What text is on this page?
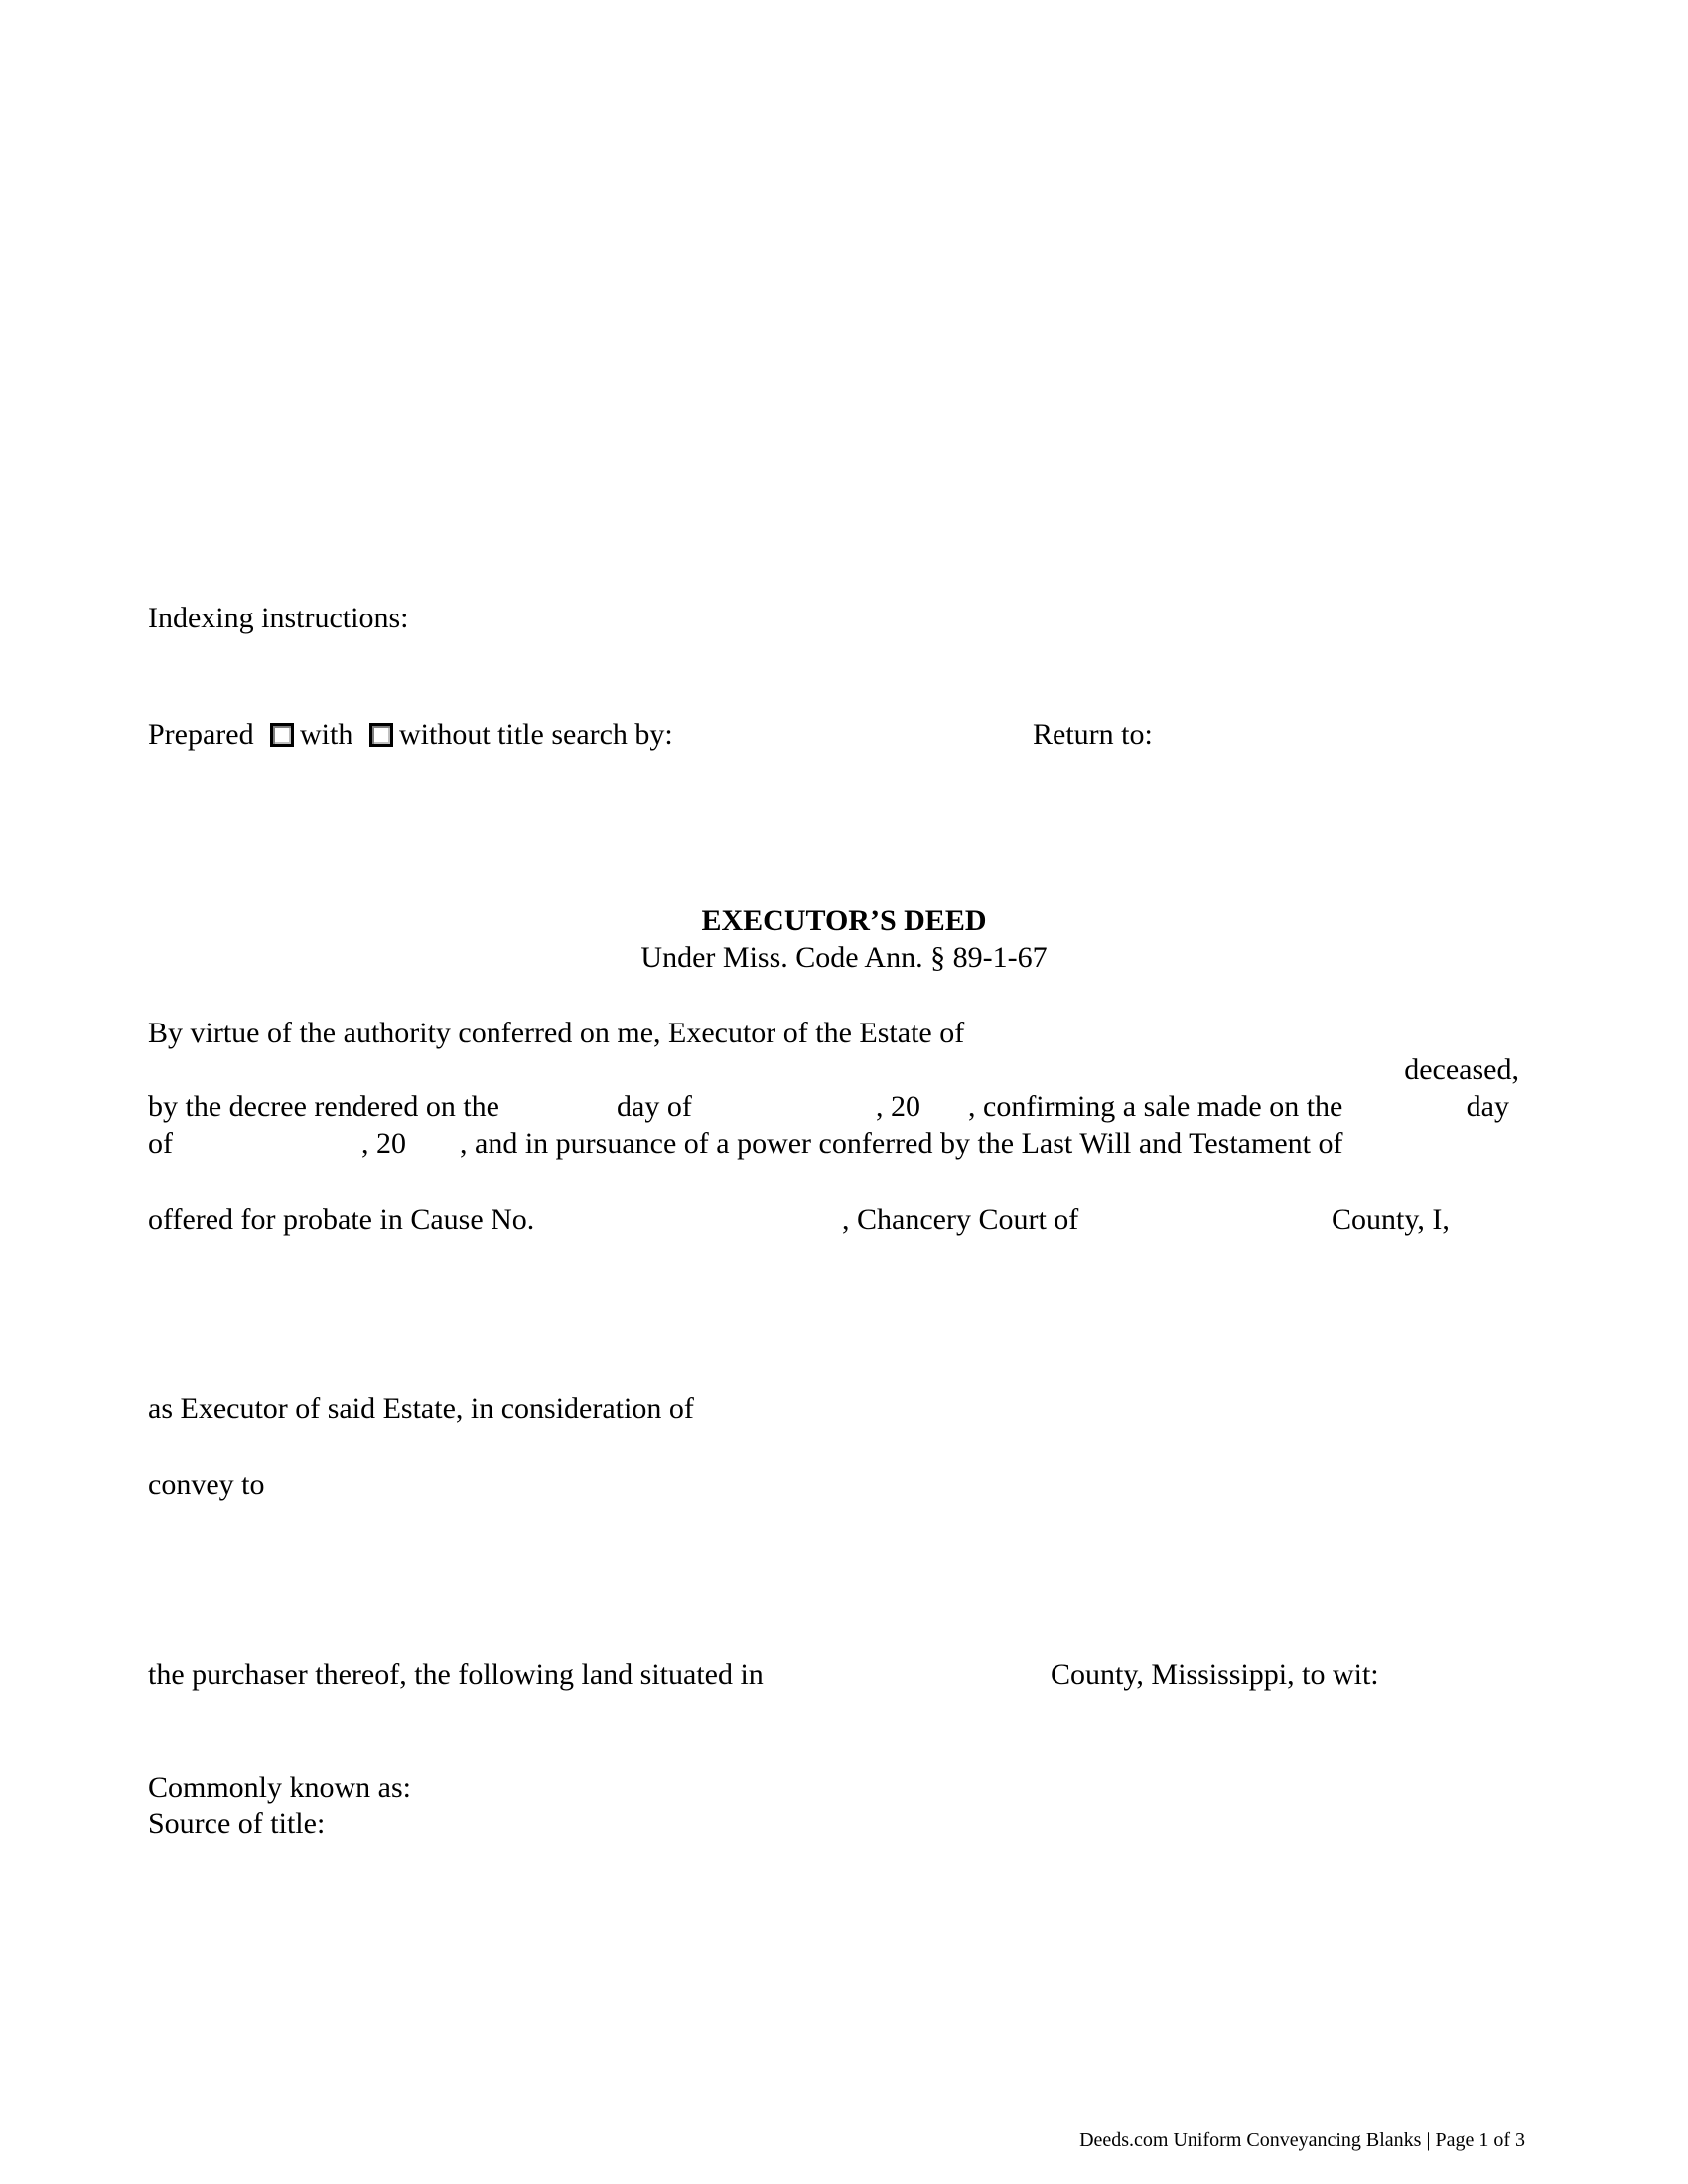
Indexing instructions:
Prepared with without title search by:	Return to:
EXECUTOR’S DEED
Under Miss. Code Ann. § 89-1-67
By virtue of the authority conferred on me, Executor of the Estate of
deceased,
by the decree rendered on the	day of	, 20 , confirming a sale made on the	day
of	, 20 , and in pursuance of a power conferred by the Last Will and Testament of
offered for probate in Cause No.	, Chancery Court of	County, I,
as Executor of said Estate, in consideration of
convey to
the purchaser thereof, the following land situated in	County, Mississippi, to wit:
Commonly known as:
Source of title:
Deeds.com Uniform Conveyancing Blanks | Page 1 of 3
